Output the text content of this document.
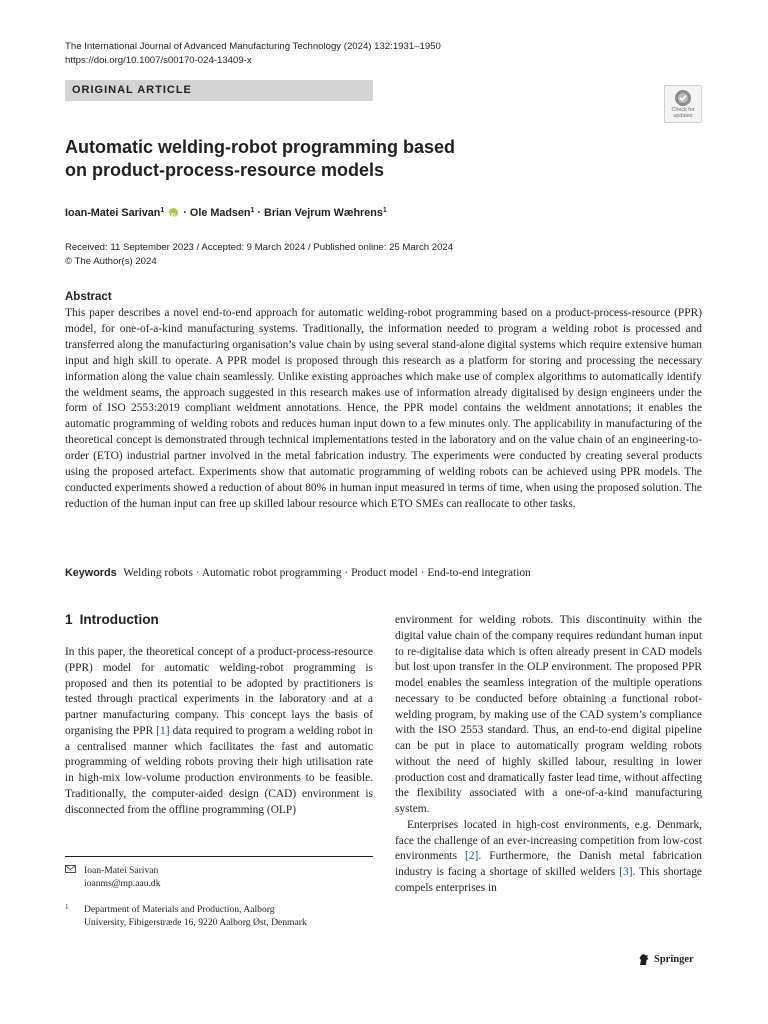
The International Journal of Advanced Manufacturing Technology (2024) 132:1931–1950
https://doi.org/10.1007/s00170-024-13409-x
ORIGINAL ARTICLE
Check for
updates
Automatic welding-robot programming based
on product-process-resource models
Ioan-Matei Sarivan$^1$ iD · Ole Madsen$^1$ · Brian Vejrum Wæhrens$^1$
Received: 11 September 2023 / Accepted: 9 March 2024 / Published online: 25 March 2024
© The Author(s) 2024
Abstract
This paper describes a novel end-to-end approach for automatic welding-robot programming based on a product-process-resource (PPR) model, for one-of-a-kind manufacturing systems. Traditionally, the information needed to program a welding robot is processed and transferred along the manufacturing organisation’s value chain by using several stand-alone digital systems which require extensive human input and high skill to operate. A PPR model is proposed through this research as a platform for storing and processing the necessary information along the value chain seamlessly. Unlike existing approaches which make use of complex algorithms to automatically identify the weldment seams, the approach suggested in this research makes use of information already digitalised by design engineers under the form of ISO 2553:2019 compliant weldment annotations. Hence, the PPR model contains the weldment annotations; it enables the automatic programming of welding robots and reduces human input down to a few minutes only. The applicability in manufacturing of the theoretical concept is demonstrated through technical implementations tested in the laboratory and on the value chain of an engineering-to-order (ETO) industrial partner involved in the metal fabrication industry. The experiments were conducted by creating several products using the proposed artefact. Experiments show that automatic programming of welding robots can be achieved using PPR models. The conducted experiments showed a reduction of about 80% in human input measured in terms of time, when using the proposed solution. The reduction of the human input can free up skilled labour resource which ETO SMEs can reallocate to other tasks.
Keywords Welding robots · Automatic robot programming · Product model · End-to-end integration
1 Introduction

In this paper, the theoretical concept of a product-process-resource (PPR) model for automatic welding-robot programming is proposed and then its potential to be adopted by practitioners is tested through practical experiments in the laboratory and at a partner manufacturing company. This concept lays the basis of organising the PPR [1] data required to program a welding robot in a centralised manner which facilitates the fast and automatic programming of welding robots proving their high utilisation rate in high-mix low-volume production environments to be feasible. Traditionally, the computer-aided design (CAD) environment is disconnected from the offline programming (OLP)

environment for welding robots. This discontinuity within the digital value chain of the company requires redundant human input to re-digitalise data which is often already present in CAD models but lost upon transfer in the OLP environment. The proposed PPR model enables the seamless integration of the multiple operations necessary to be conducted before obtaining a functional robot-welding program, by making use of the CAD system’s compliance with the ISO 2553 standard. Thus, an end-to-end digital pipeline can be put in place to automatically program welding robots without the need of highly skilled labour, resulting in lower production cost and dramatically faster lead time, without affecting the flexibility associated with a one-of-a-kind manufacturing system.

Enterprises located in high-cost environments, e.g. Denmark, face the challenge of an ever-increasing competition from low-cost environments [2]. Furthermore, the Danish metal fabrication industry is facing a shortage of skilled welders [3]. This shortage compels enterprises in

Ioan-Matei Sarivan
ioanms@mp.aau.dk
1 Department of Materials and Production, Aalborg
University, Fibigerstræde 16, 9220 Aalborg Øst, Denmark
Springer
